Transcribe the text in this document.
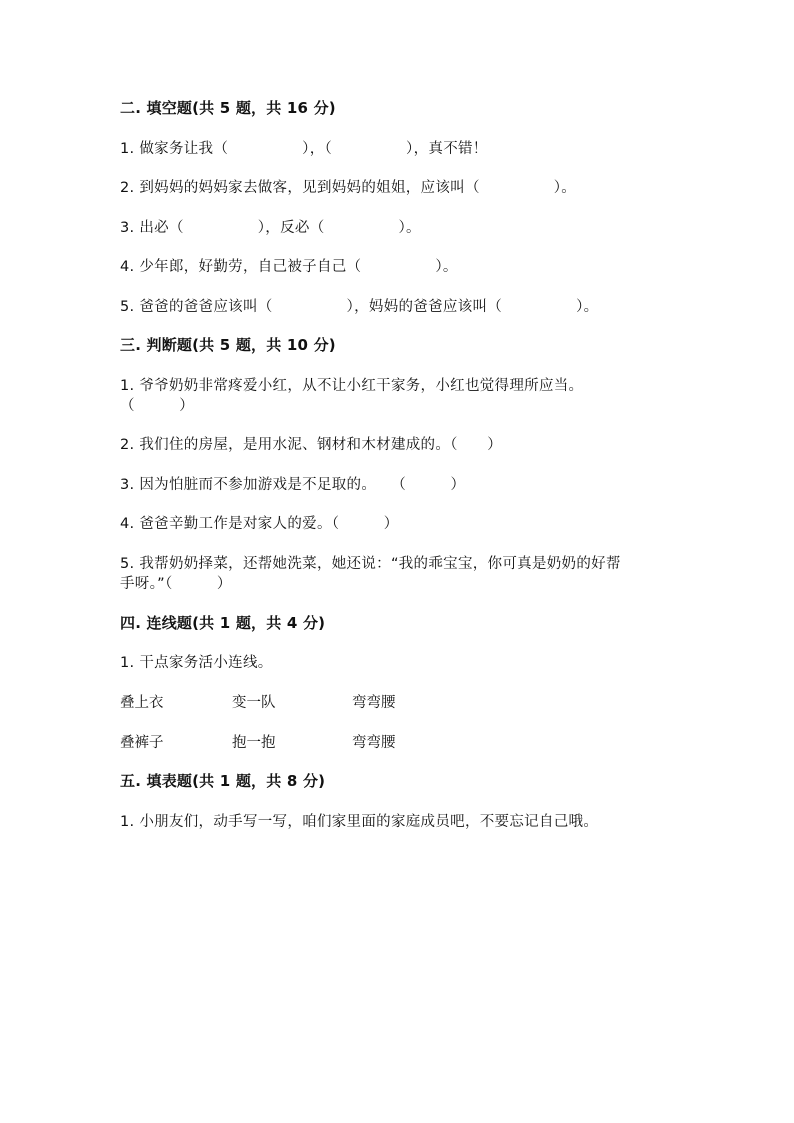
二. 填空题(共 5 题，共 16 分)
1. 做家务让我（　　　　　），（　　　　　），真不错！
2. 到妈妈的妈妈家去做客，见到妈妈的姐姐，应该叫（　　　　　）。
3. 出必（　　　　　），反必（　　　　　）。
4. 少年郎，好勤劳，自己被子自己（　　　　　）。
5. 爸爸的爸爸应该叫（　　　　　），妈妈的爸爸应该叫（　　　　　）。
三. 判断题(共 5 题，共 10 分)
1. 爷爷奶奶非常疼爱小红，从不让小红干家务，小红也觉得理所应当。
（　　　）
2. 我们住的房屋，是用水泥、钢材和木材建成的。（　　）
3. 因为怕脏而不参加游戏是不足取的。　　（　　　）
4. 爸爸辛勤工作是对家人的爱。（　　　）
5. 我帮奶奶择菜，还帮她洗菜，她还说：“我的乖宝宝，你可真是奶奶的好帮
手呀。”（　　　）
四. 连线题(共 1 题，共 4 分)
1. 干点家务活小连线。
叠上衣	变一队	弯弯腰
叠裤子	抱一抱	弯弯腰
五. 填表题(共 1 题，共 8 分)
1. 小朋友们，动手写一写，咱们家里面的家庭成员吧，不要忘记自己哦。
